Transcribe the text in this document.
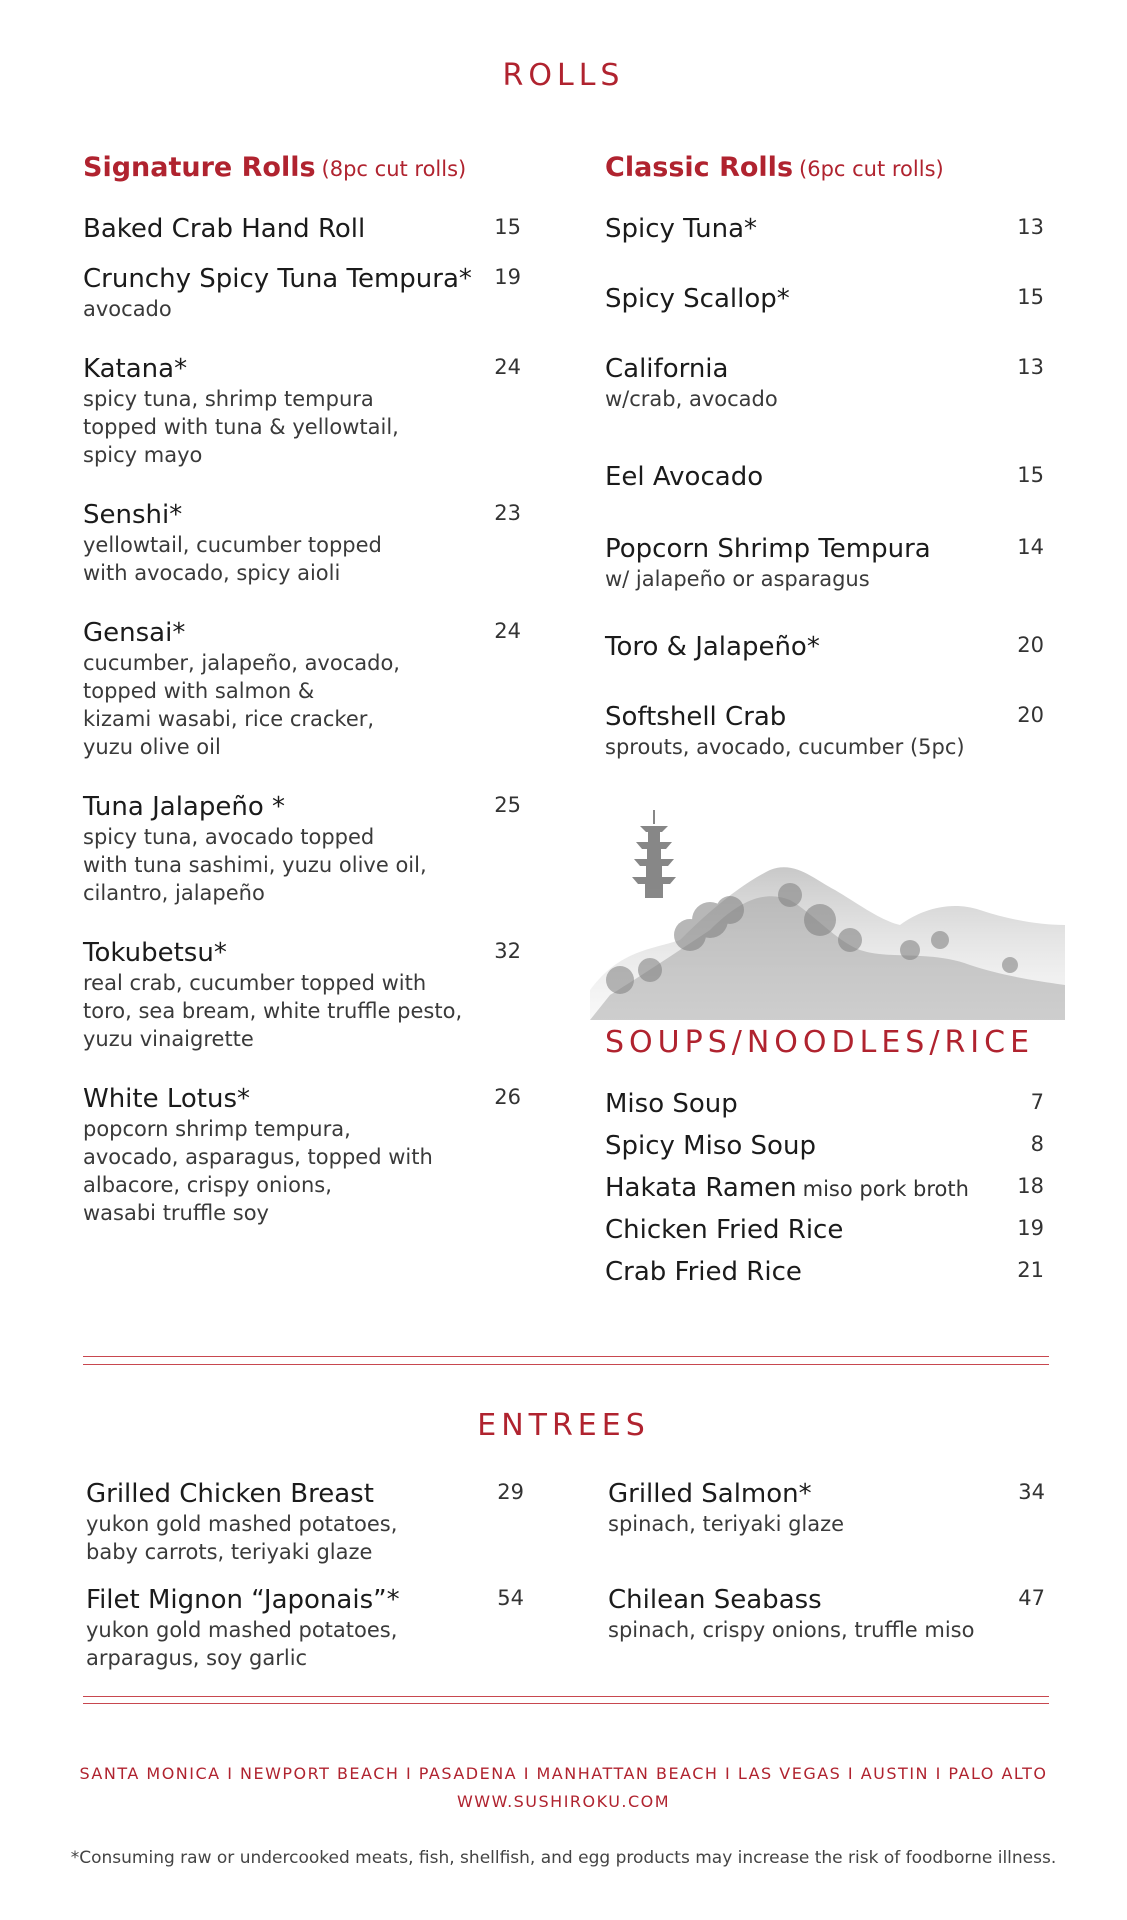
ROLLS
Signature Rolls (8pc cut rolls)
Baked Crab Hand Roll	15
Crunchy Spicy Tuna Tempura*	19
avocado
Katana*	24
spicy tuna, shrimp tempura
topped with tuna & yellowtail,
spicy mayo
Senshi*	23
yellowtail, cucumber topped
with avocado, spicy aioli
Gensai*	24
cucumber, jalapeño, avocado,
topped with salmon &
kizami wasabi, rice cracker,
yuzu olive oil
Tuna Jalapeño *	25
spicy tuna, avocado topped
with tuna sashimi, yuzu olive oil,
cilantro, jalapeño
Tokubetsu*	32
real crab, cucumber topped with
toro, sea bream, white truffle pesto,
yuzu vinaigrette
White Lotus*	26
popcorn shrimp tempura,
avocado, asparagus, topped with
albacore, crispy onions,
wasabi truffle soy
Classic Rolls (6pc cut rolls)
Spicy Tuna*	13
Spicy Scallop*	15
California	13
w/crab, avocado
Eel Avocado	15
Popcorn Shrimp Tempura	14
w/ jalapeño or asparagus
Toro & Jalapeño*	20
Softshell Crab	20
sprouts, avocado, cucumber (5pc)
SOUPS/NOODLES/RICE
Miso Soup	7
Spicy Miso Soup	8
Hakata Ramen miso pork broth 18
Chicken Fried Rice	19
Crab Fried Rice	21
ENTREES
Grilled Chicken Breast	29
yukon gold mashed potatoes,
baby carrots, teriyaki glaze
Filet Mignon “Japonais”*	54
yukon gold mashed potatoes,
arparagus, soy garlic
Grilled Salmon*	34
spinach, teriyaki glaze
Chilean Seabass	47
spinach, crispy onions, truffle miso
SANTA MONICA I NEWPORT BEACH I PASADENA I MANHATTAN BEACH I LAS VEGAS I AUSTIN I PALO ALTO
WWW.SUSHIROKU.COM
*Consuming raw or undercooked meats, fish, shellfish, and egg products may increase the risk of foodborne illness.
